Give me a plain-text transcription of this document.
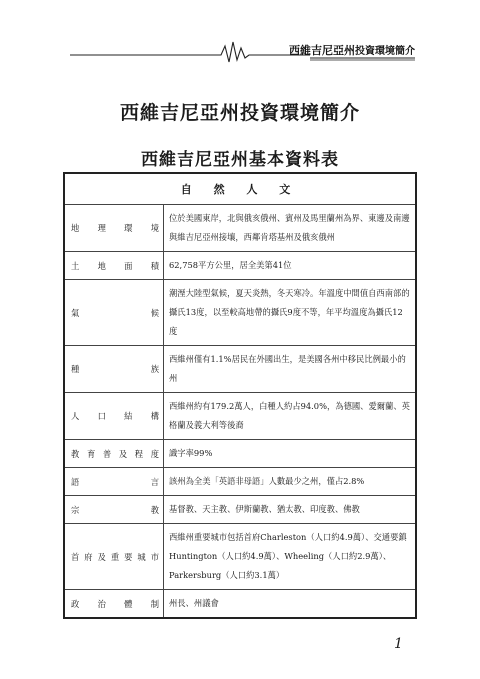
西維吉尼亞州投資環境簡介
西維吉尼亞州投資環境簡介
西維吉尼亞州基本資料表
自 然 人 文	
地理環境	位於美國東岸，北與俄亥俄州、賓州及馬里蘭州為界、東邊及南邊與維吉尼亞州接壤，西鄰肯塔基州及俄亥俄州
土地面積	62,758平方公里，居全美第41位
氣候	潮溼大陸型氣候，夏天炎熱，冬天寒冷。年溫度中間值自西南部的攝氏13度，以至較高地帶的攝氏9度不等，年平均溫度為攝氏12度
種族	西維州僅有1.1%居民在外國出生，是美國各州中移民比例最小的州
人口結構	西維州約有179.2萬人，白種人約占94.0%，為德國、愛爾蘭、英格蘭及義大利等後裔
教育普及程度	識字率99%
語言	該州為全美「英語非母語」人數最少之州，僅占2.8%
宗教	基督教、天主教、伊斯蘭教、猶太教、印度教、佛教
首府及重要城市	西維州重要城市包括首府Charleston（人口約4.9萬）、交通要鎮Huntington（人口約4.9萬）、Wheeling（人口約2.9萬）、Parkersburg（人口約3.1萬）
政治體制	州長、州議會
1
